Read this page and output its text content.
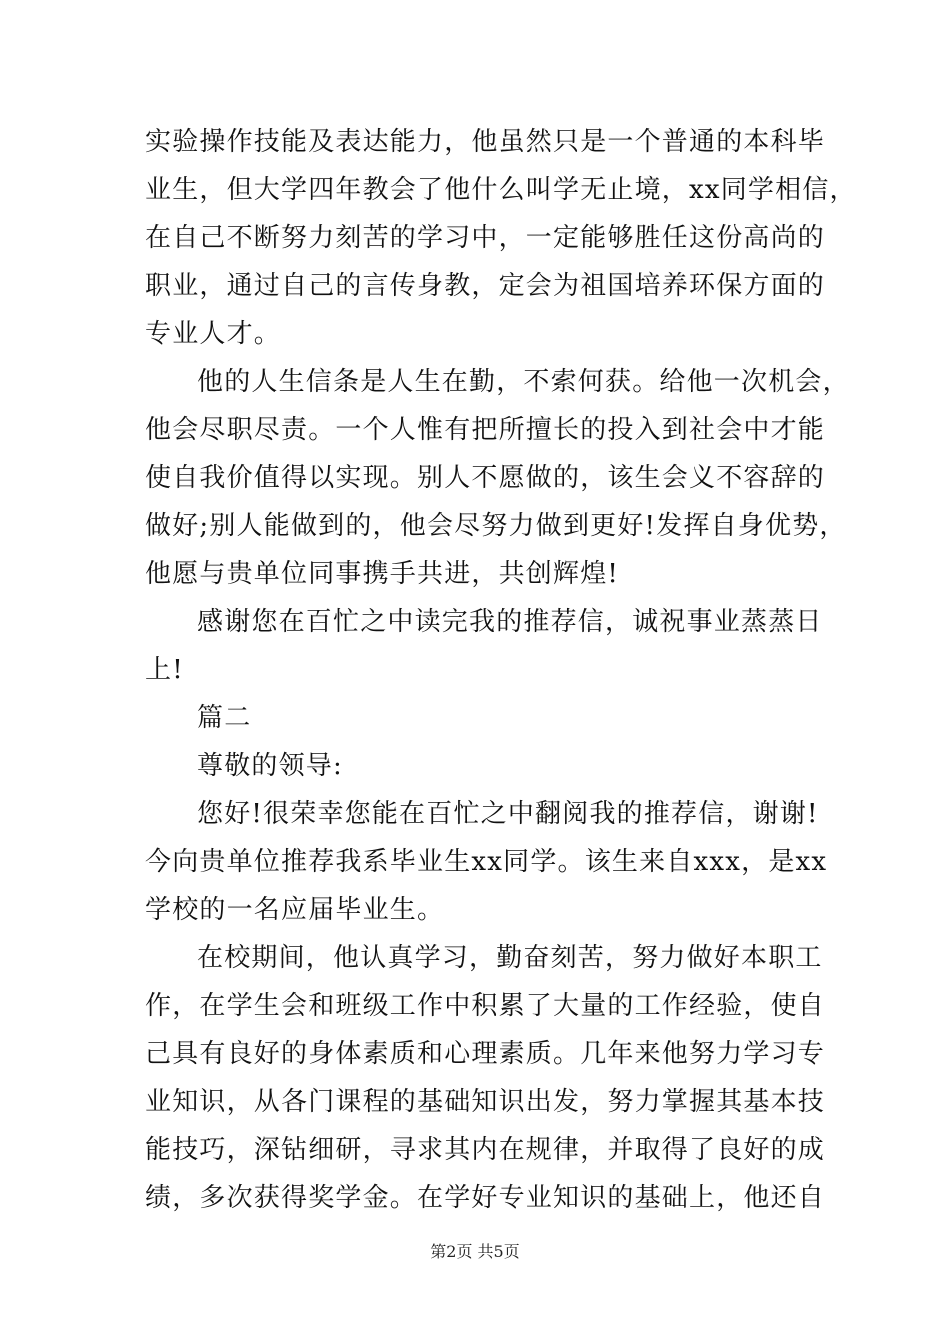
实验操作技能及表达能力，他虽然只是一个普通的本科毕
业生，但大学四年教会了他什么叫学无止境，xx同学相信，
在自己不断努力刻苦的学习中，一定能够胜任这份高尚的
职业，通过自己的言传身教，定会为祖国培养环保方面的
专业人才。
他的人生信条是人生在勤，不索何获。给他一次机会，
他会尽职尽责。一个人惟有把所擅长的投入到社会中才能
使自我价值得以实现。别人不愿做的，该生会义不容辞的
做好;别人能做到的，他会尽努力做到更好!发挥自身优势，
他愿与贵单位同事携手共进，共创辉煌!
感谢您在百忙之中读完我的推荐信，诚祝事业蒸蒸日
上!
篇二
尊敬的领导:
您好!很荣幸您能在百忙之中翻阅我的推荐信，谢谢!
今向贵单位推荐我系毕业生xx同学。该生来自xxx，是xx
学校的一名应届毕业生。
在校期间，他认真学习，勤奋刻苦，努力做好本职工
作，在学生会和班级工作中积累了大量的工作经验，使自
己具有良好的身体素质和心理素质。几年来他努力学习专
业知识，从各门课程的基础知识出发，努力掌握其基本技
能技巧，深钻细研，寻求其内在规律，并取得了良好的成
绩，多次获得奖学金。在学好专业知识的基础上，他还自
第2页 共5页
